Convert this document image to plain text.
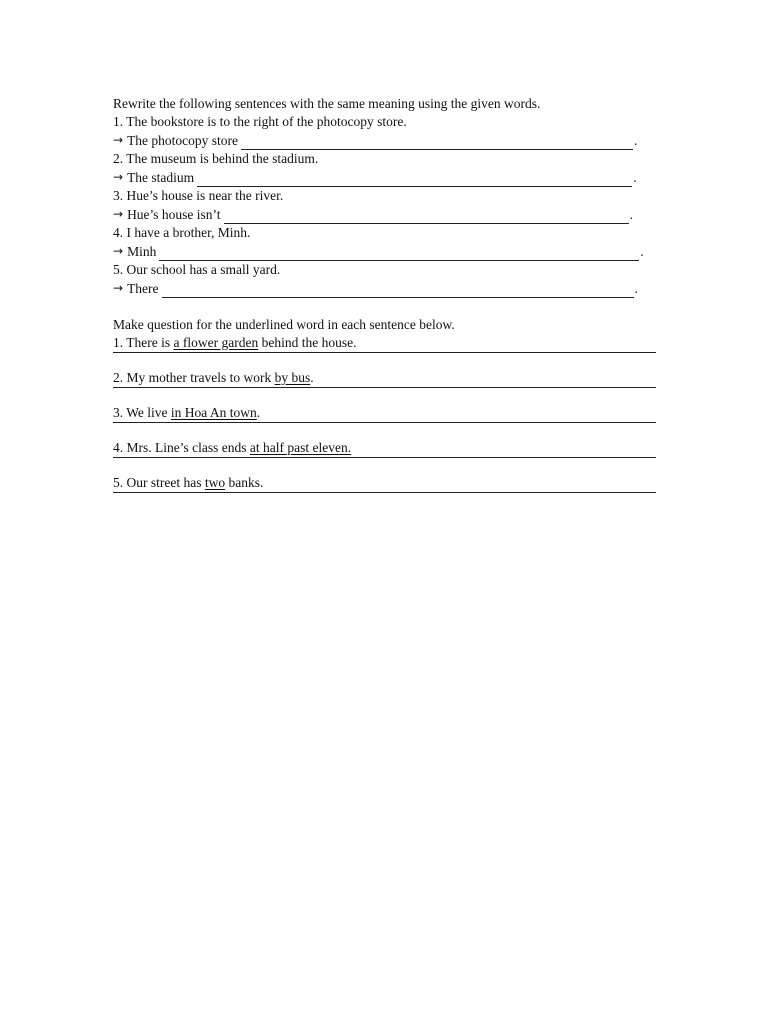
Rewrite the following sentences with the same meaning using the given words.
1. The bookstore is to the right of the photocopy store.
→ The photocopy store	.
2. The museum is behind the stadium.
→ The stadium	.
3. Hue’s house is near the river.
→ Hue’s house isn’t	.
4. I have a brother, Minh.
→ Minh	.
5. Our school has a small yard.
→ There	.
Make question for the underlined word in each sentence below.
1. There is a flower garden behind the house.
2. My mother travels to work by bus.
3. We live in Hoa An town.
4. Mrs. Line’s class ends at half past eleven.
5. Our street has two banks.
